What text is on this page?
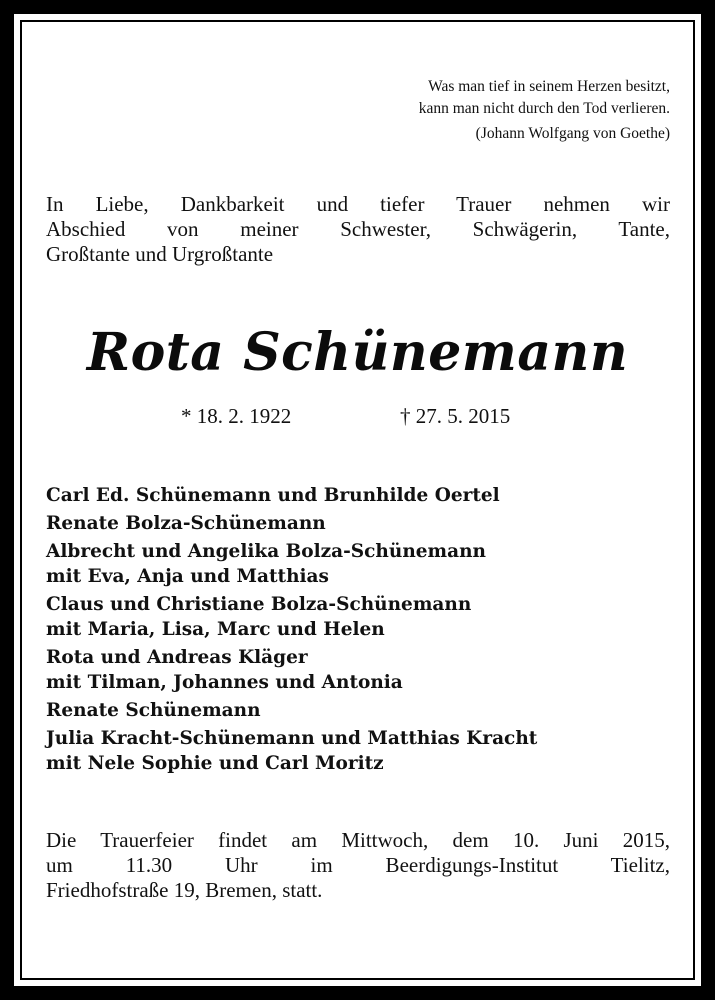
Was man tief in seinem Herzen besitzt,
kann man nicht durch den Tod verlieren.
(Johann Wolfgang von Goethe)
In Liebe, Dankbarkeit und tiefer Trauer nehmen wir
Abschied von meiner Schwester, Schwägerin, Tante,
Großtante und Urgroßtante
Rota Schünemann
* 18. 2. 1922	† 27. 5. 2015
Carl Ed. Schünemann und Brunhilde Oertel
Renate Bolza-Schünemann
Albrecht und Angelika Bolza-Schünemann
mit Eva, Anja und Matthias
Claus und Christiane Bolza-Schünemann
mit Maria, Lisa, Marc und Helen
Rota und Andreas Kläger
mit Tilman, Johannes und Antonia
Renate Schünemann
Julia Kracht-Schünemann und Matthias Kracht
mit Nele Sophie und Carl Moritz
Die Trauerfeier findet am Mittwoch, dem 10. Juni 2015,
um 11.30 Uhr im Beerdigungs-Institut Tielitz,
Friedhofstraße 19, Bremen, statt.
